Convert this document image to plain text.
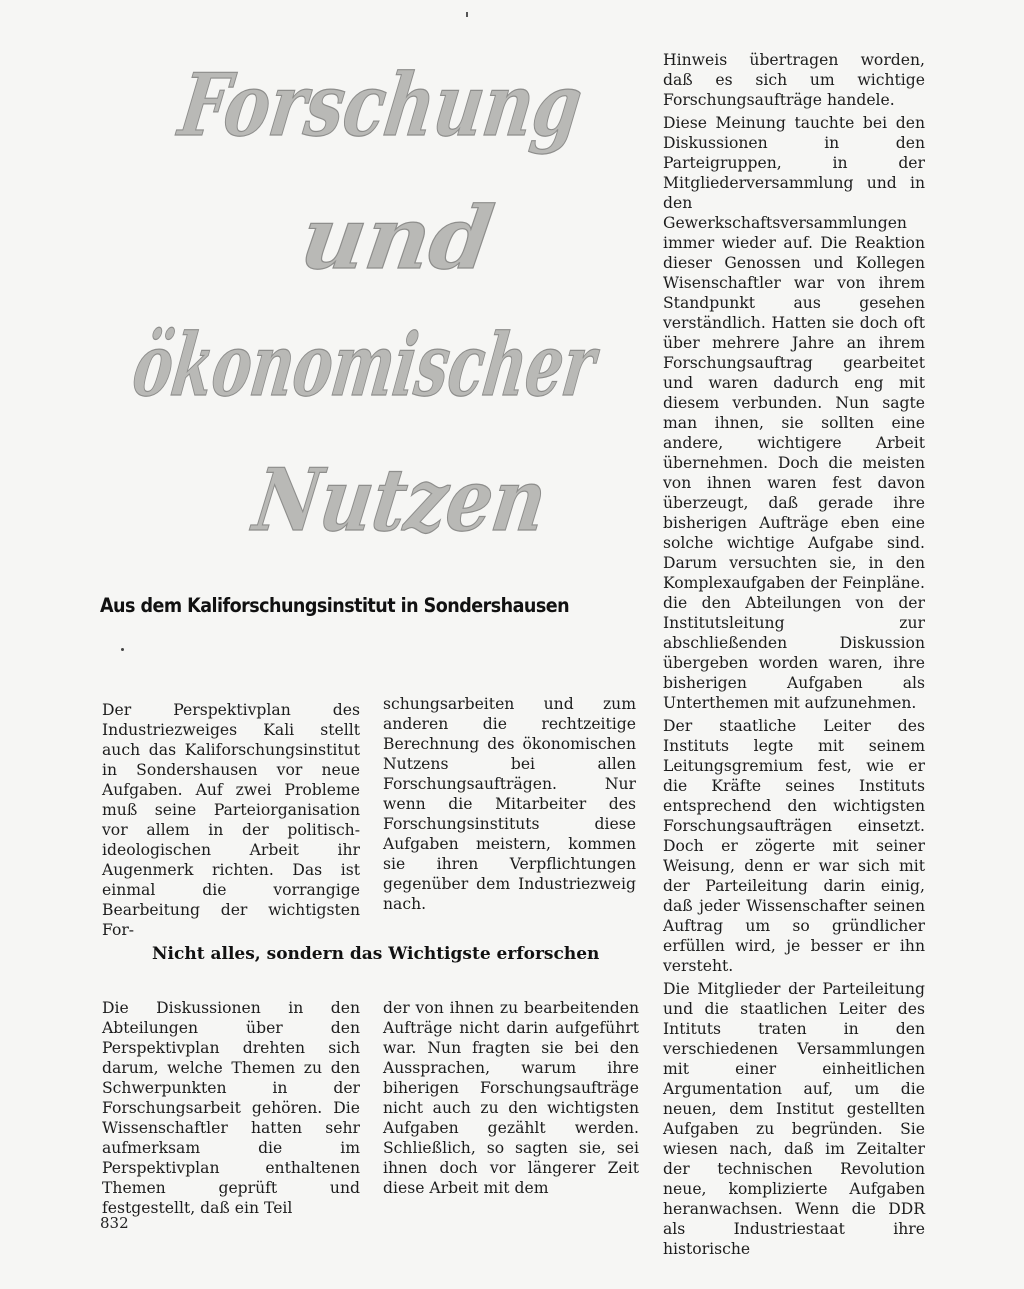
Forschung
und
ökonomischer
Nutzen
Aus dem Kaliforschungsinstitut in Sondershausen

Der Perspektivplan des Industriezweiges Kali stellt auch das Kaliforschungsinstitut in Sondershausen vor neue Aufgaben. Auf zwei Probleme muß seine Parteiorganisation vor allem in der politisch-ideologischen Arbeit ihr Augenmerk richten. Das ist einmal die vorrangige Bearbeitung der wichtigsten For-

schungsarbeiten und zum anderen die rechtzeitige Berechnung des ökonomischen Nutzens bei allen Forschungsaufträgen. Nur wenn die Mitarbeiter des Forschungsinstituts diese Aufgaben meistern, kommen sie ihren Verpflichtungen gegenüber dem Industriezweig nach.

Nicht alles, sondern das Wichtigste erforschen

Die Diskussionen in den Abteilungen über den Perspektivplan drehten sich darum, welche Themen zu den Schwerpunkten in der Forschungsarbeit gehören. Die Wissenschaftler hatten sehr aufmerksam die im Perspektivplan enthaltenen Themen geprüft und festgestellt, daß ein Teil

der von ihnen zu bearbeitenden Aufträge nicht darin aufgeführt war. Nun fragten sie bei den Aussprachen, warum ihre biherigen Forschungsaufträge nicht auch zu den wichtigsten Aufgaben gezählt werden. Schließlich, so sagten sie, sei ihnen doch vor längerer Zeit diese Arbeit mit dem

Hinweis übertragen worden, daß es sich um wichtige Forschungsaufträge handele.

Diese Meinung tauchte bei den Diskussionen in den Parteigruppen, in der Mitgliederversammlung und in den Gewerkschaftsversammlungen immer wieder auf. Die Reaktion dieser Genossen und Kollegen Wisenschaftler war von ihrem Standpunkt aus gesehen verständlich. Hatten sie doch oft über mehrere Jahre an ihrem Forschungsauftrag gearbeitet und waren dadurch eng mit diesem verbunden. Nun sagte man ihnen, sie sollten eine andere, wichtigere Arbeit übernehmen. Doch die meisten von ihnen waren fest davon überzeugt, daß gerade ihre bisherigen Aufträge eben eine solche wichtige Aufgabe sind. Darum versuchten sie, in den Komplexaufgaben der Feinpläne. die den Abteilungen von der Institutsleitung zur abschließenden Diskussion übergeben worden waren, ihre bisherigen Aufgaben als Unterthemen mit aufzunehmen.

Der staatliche Leiter des Instituts legte mit seinem Leitungsgremium fest, wie er die Kräfte seines Instituts entsprechend den wichtigsten Forschungsaufträgen einsetzt. Doch er zögerte mit seiner Weisung, denn er war sich mit der Parteileitung darin einig, daß jeder Wissenschafter seinen Auftrag um so gründlicher erfüllen wird, je besser er ihn versteht.

Die Mitglieder der Parteileitung und die staatlichen Leiter des Intituts traten in den verschiedenen Versammlungen mit einer einheitlichen Argumentation auf, um die neuen, dem Institut gestellten Aufgaben zu begründen. Sie wiesen nach, daß im Zeitalter der technischen Revolution neue, komplizierte Aufgaben heranwachsen. Wenn die DDR als Industriestaat ihre historische

832
